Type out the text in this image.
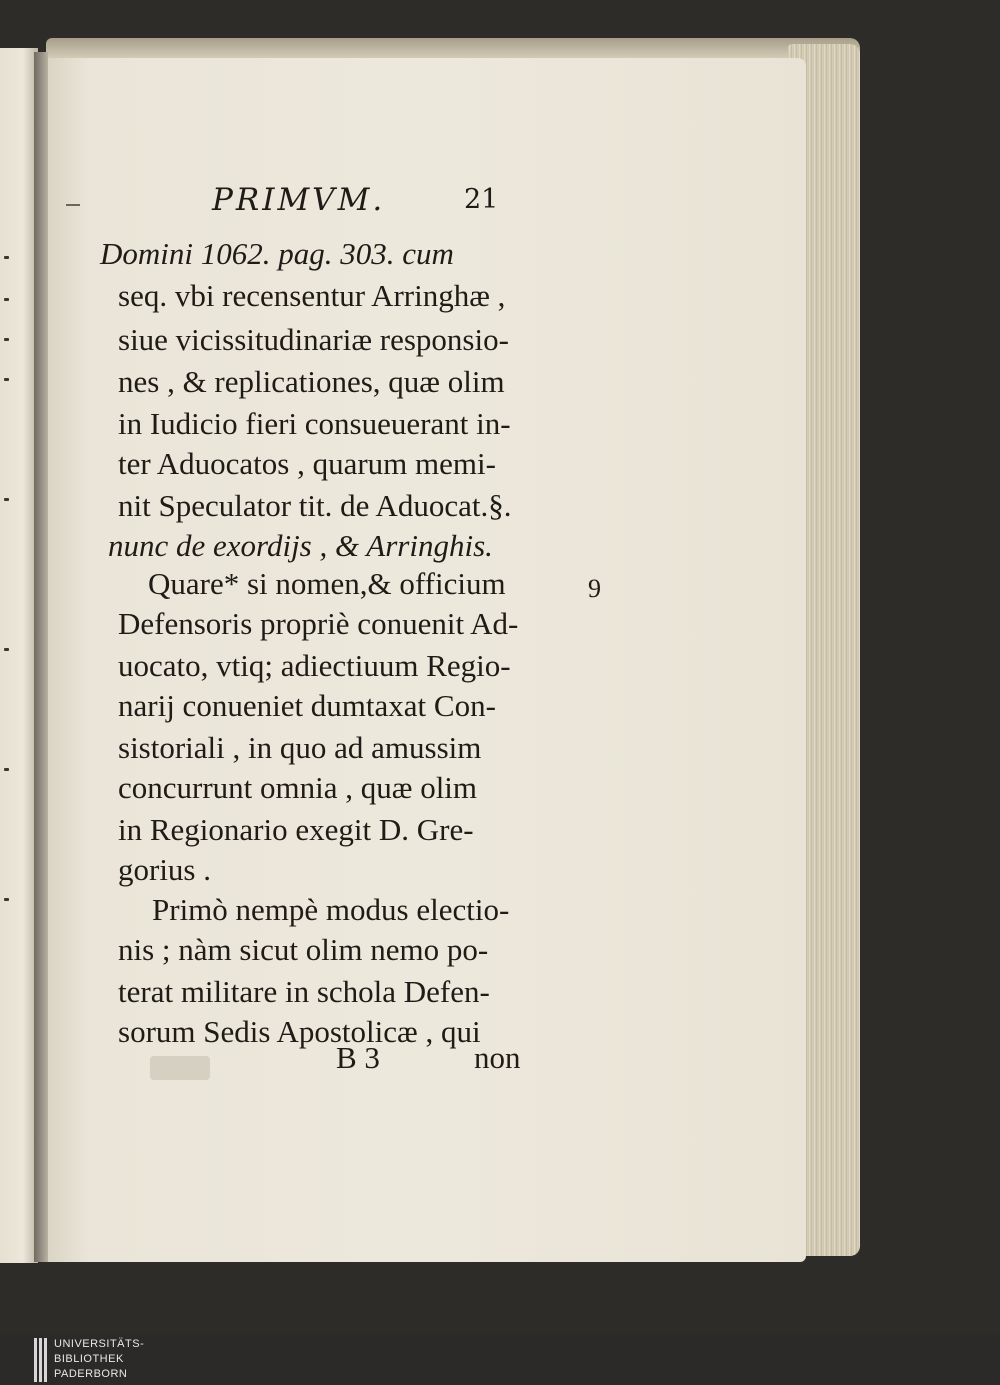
PRIMVM.	21
Domini 1062. pag. 303. cum
seq. vbi recensentur Arringhæ ,
siue vicissitudinariæ responsio-
nes , & replicationes, quæ olim
in Iudicio fieri consueuerant in-
ter Aduocatos , quarum memi-
nit Speculator tit. de Aduocat.§.
nunc de exordijs , & Arringhis.
Quare* si nomen,& officium
Defensoris propriè conuenit Ad-
uocato, vtiq; adiectiuum Regio-
narij conueniet dumtaxat Con-
sistoriali , in quo ad amussim
concurrunt omnia , quæ olim
in Regionario exegit D. Gre-
gorius .
Primò nempè modus electio-
nis ; nàm sicut olim nemo po-
terat militare in schola Defen-
sorum Sedis Apostolicæ , qui
9
B 3	non
UNIVERSITÄTS-
BIBLIOTHEK
PADERBORN
